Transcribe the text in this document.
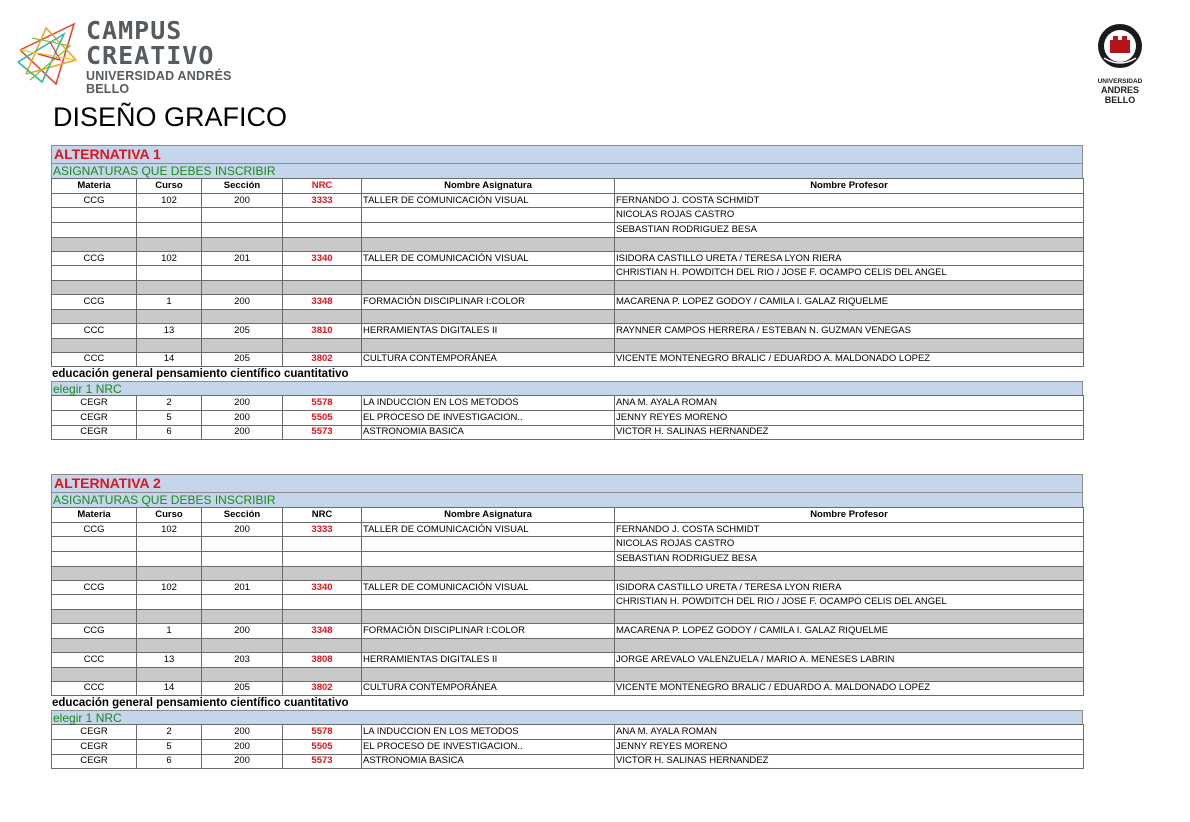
CAMPUS
CREATIVO
UNIVERSIDAD ANDRÉS BELLO	UNIVERSIDAD
ANDRES BELLO
DISEÑO GRAFICO
ALTERNATIVA 1
ASIGNATURAS QUE DEBES INSCRIBIR
Materia	Curso	Sección	NRC	Nombre Asignatura	Nombre Profesor
CCG	102	200	3333	TALLER DE COMUNICACIÓN VISUAL	FERNANDO J. COSTA SCHMIDT
					NICOLAS ROJAS CASTRO
					SEBASTIAN RODRIGUEZ BESA

CCG	102	201	3340	TALLER DE COMUNICACIÓN VISUAL	ISIDORA CASTILLO URETA / TERESA LYON RIERA
					CHRISTIAN H. POWDITCH DEL RIO / JOSE F. OCAMPO CELIS DEL ANGEL

CCG	1	200	3348	FORMACIÓN DISCIPLINAR I:COLOR	MACARENA P. LOPEZ GODOY / CAMILA I. GALAZ RIQUELME

CCC	13	205	3810	HERRAMIENTAS DIGITALES II	RAYNNER CAMPOS HERRERA / ESTEBAN N. GUZMAN VENEGAS

CCC	14	205	3802	CULTURA CONTEMPORÁNEA	VICENTE MONTENEGRO BRALIC / EDUARDO A. MALDONADO LOPEZ
educación general pensamiento científico cuantitativo
elegir 1 NRC
CEGR	2	200	5578	LA INDUCCION EN LOS METODOS	ANA M. AYALA ROMAN
CEGR	5	200	5505	EL PROCESO DE INVESTIGACION..	JENNY REYES MORENO
CEGR	6	200	5573	ASTRONOMIA BASICA	VICTOR H. SALINAS HERNANDEZ
ALTERNATIVA 2
ASIGNATURAS QUE DEBES INSCRIBIR
Materia	Curso	Sección	NRC	Nombre Asignatura	Nombre Profesor
CCG	102	200	3333	TALLER DE COMUNICACIÓN VISUAL	FERNANDO J. COSTA SCHMIDT
					NICOLAS ROJAS CASTRO
					SEBASTIAN RODRIGUEZ BESA

CCG	102	201	3340	TALLER DE COMUNICACIÓN VISUAL	ISIDORA CASTILLO URETA / TERESA LYON RIERA
					CHRISTIAN H. POWDITCH DEL RIO / JOSE F. OCAMPO CELIS DEL ANGEL

CCG	1	200	3348	FORMACIÓN DISCIPLINAR I:COLOR	MACARENA P. LOPEZ GODOY / CAMILA I. GALAZ RIQUELME

CCC	13	203	3808	HERRAMIENTAS DIGITALES II	JORGE AREVALO VALENZUELA / MARIO A. MENESES LABRIN

CCC	14	205	3802	CULTURA CONTEMPORÁNEA	VICENTE MONTENEGRO BRALIC / EDUARDO A. MALDONADO LOPEZ
educación general pensamiento científico cuantitativo
elegir 1 NRC
CEGR	2	200	5578	LA INDUCCION EN LOS METODOS	ANA M. AYALA ROMAN
CEGR	5	200	5505	EL PROCESO DE INVESTIGACION..	JENNY REYES MORENO
CEGR	6	200	5573	ASTRONOMIA BASICA	VICTOR H. SALINAS HERNANDEZ
